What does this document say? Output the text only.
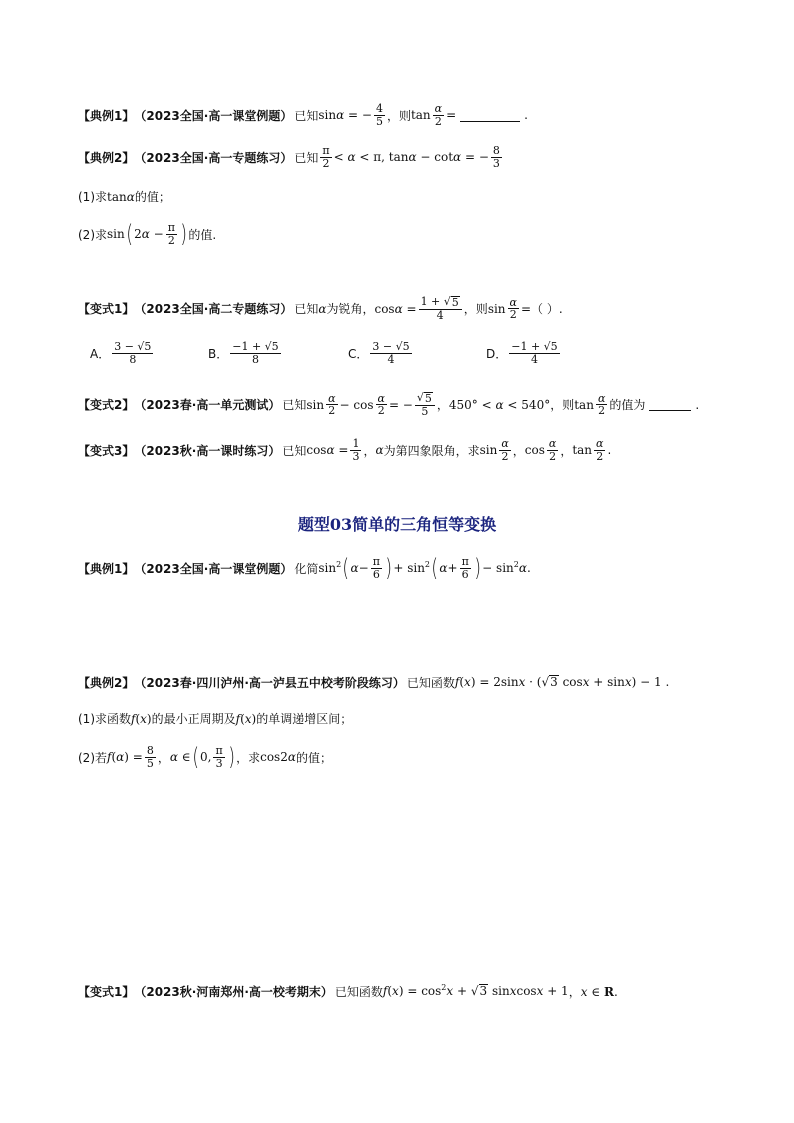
【典例1】 （2023全国·高一课堂例题） 已知 sinα = − $\frac{4}{5}$ ，则 $\tan \frac{\alpha}{2}$ =	.
【典例2】 （2023全国·高一专题练习） 已知 $\frac{\pi}{2} < \alpha < \pi$, tanα − cotα = − $\frac{8}{3}$
(1)求 tanα 的值；
(2)求 sin ( $2\alpha - \frac{\pi}{2}$ ) 的值.
【变式1】 （2023全国·高二专题练习） 已知 α 为锐角， $\cos\alpha = \frac{1 + √ 5}{4}$ ，则 $\sin \frac{\alpha}{2}$ = （ ）.
A． $\frac{3 - √5}{8}$	B． $\frac{-1 + √5}{8}$	C． $\frac{3 - √5}{4}$	D． $\frac{-1 + √5}{4}$
【变式2】 （2023春·高一单元测试） 已知 $\sin \frac{\alpha}{2} - \cos \frac{\alpha}{2}$ = − $\frac{√ 5}{5}$ ， 450° < α < 540° ，则 $\tan \frac{\alpha}{2}$ 的值为	.
【变式3】 （2023秋·高一课时练习） 已知 $\cos\alpha = \frac{1}{3}$ ， α 为第四象限角，求 $\sin \frac{\alpha}{2}$ ， $\cos \frac{\alpha}{2}$ ， $\tan \frac{\alpha}{2}$ .
题型03简单的三角恒等变换
【典例1】 （2023全国·高一课堂例题） 化简 $\sin^2$ ( $\alpha - \frac{\pi}{6}$ ) + $\sin^2$ ( $\alpha + \frac{\pi}{6}$ ) − $\sin^2\alpha$ .
【典例2】 （2023春·四川泸州·高一泸县五中校考阶段练习） 已知函数 f(x) = 2sinx · ( √ 3 cosx + sinx) − 1 .
(1)求函数 f(x) 的最小正周期及 f(x) 的单调递增区间；
(2)若 $f(\alpha) = \frac{8}{5}$ ， α ∈ ( 0, $\frac{\pi}{3}$ ) ，求 cos2α 的值；
【变式1】 （2023秋·河南郑州·高一校考期末） 已知函数 $f(x) = \cos^2x$ + √ 3 sinxcosx + 1 ， x ∈ R .
